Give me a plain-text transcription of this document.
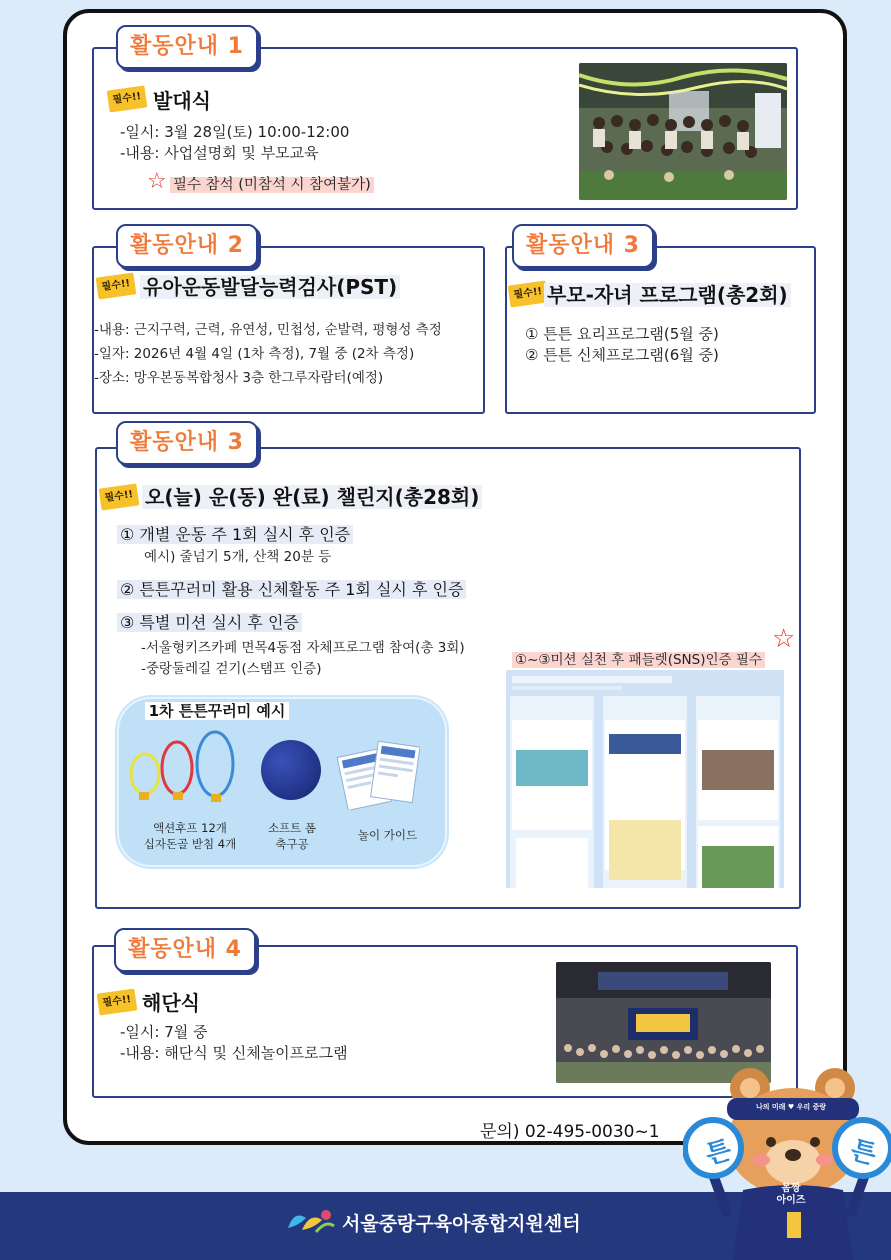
활동안내 1
필수!! 발대식
-일시: 3월 28일(토) 10:00-12:00
-내용: 사업설명회 및 부모교육
☆ 필수 참석 (미참석 시 참여불가)
활동안내 2
필수!! 유아운동발달능력검사(PST)
-내용: 근지구력, 근력, 유연성, 민첩성, 순발력, 평형성 측정
-일자: 2026년 4월 4일 (1차 측정), 7월 중 (2차 측정)
-장소: 망우본동복합청사 3층 한그루자람터(예정)
활동안내 3
필수!! 부모-자녀 프로그램(총2회)
① 튼튼 요리프로그램(5월 중)
② 튼튼 신체프로그램(6월 중)
활동안내 3
필수!! 오(늘) 운(동) 완(료) 챌린지(총28회)
① 개별 운동 주 1회 실시 후 인증
예시) 줄넘기 5개, 산책 20분 등
② 튼튼꾸러미 활용 신체활동 주 1회 실시 후 인증
③ 특별 미션 실시 후 인증
-서울형키즈카페 면목4동점 자체프로그램 참여(총 3회)
-중랑둘레길 걷기(스탬프 인증)
①~③미션 실천 후 패들렛(SNS)인증 필수
☆
1차 튼튼꾸러미 예시
액션후프 12개
십자돈골 받침 4개
소프트 폼
축구공
놀이 가이드
활동안내 4
필수!! 해단식
-일시: 7월 중
-내용: 해단식 및 신체놀이프로그램
문의) 02-495-0030~1
서울중랑구육아종합지원센터
나의 미래 ♥ 우리 중랑
튼	튼
몸짱
아이즈
